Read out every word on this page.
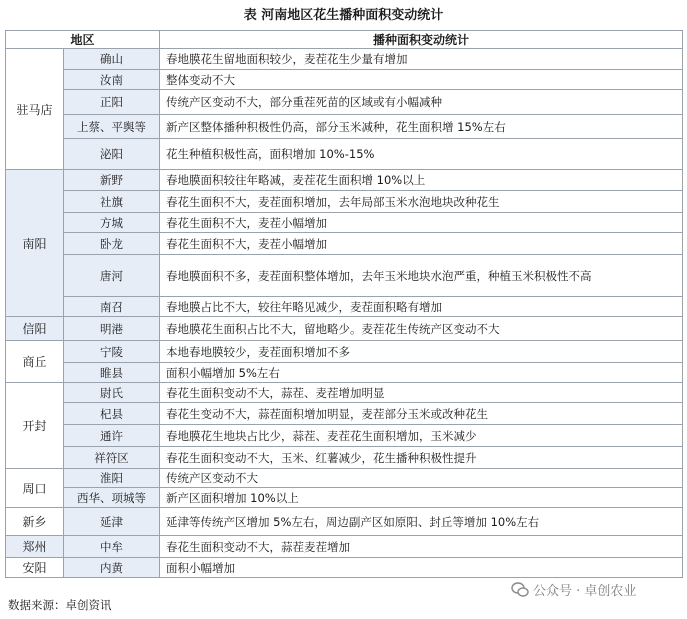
表 河南地区花生播种面积变动统计
地区		播种面积变动统计
驻马店	确山	春地膜花生留地面积较少，麦茬花生少量有增加
	汝南	整体变动不大
	正阳	传统产区变动不大，部分重茬死苗的区域或有小幅减种
	上蔡、平舆等	新产区整体播种积极性仍高，部分玉米减种，花生面积增 15%左右
	泌阳	花生种植积极性高，面积增加 10%-15%
南阳	新野	春地膜面积较往年略减，麦茬花生面积增 10%以上
	社旗	春花生面积不大，麦茬面积增加，去年局部玉米水泡地块改种花生
	方城	春花生面积不大，麦茬小幅增加
	卧龙	春花生面积不大，麦茬小幅增加
	唐河	春地膜面积不多，麦茬面积整体增加，去年玉米地块水泡严重，种植玉米积极性不高
	南召	春地膜占比不大，较往年略见减少，麦茬面积略有增加
信阳	明港	春地膜花生面积占比不大，留地略少。麦茬花生传统产区变动不大
商丘	宁陵	本地春地膜较少，麦茬面积增加不多
	睢县	面积小幅增加 5%左右
开封	尉氏	春花生面积变动不大，蒜茬、麦茬增加明显
	杞县	春花生变动不大，蒜茬面积增加明显，麦茬部分玉米或改种花生
	通许	春地膜花生地块占比少，蒜茬、麦茬花生面积增加，玉米减少
	祥符区	春花生面积变动不大，玉米、红薯减少，花生播种积极性提升
周口	淮阳	传统产区变动不大
	西华、项城等	新产区面积增加 10%以上
新乡	延津	延津等传统产区增加 5%左右，周边副产区如原阳、封丘等增加 10%左右
郑州	中牟	春花生面积变动不大，蒜茬麦茬增加
安阳	内黄	面积小幅增加
数据来源：卓创资讯
公众号 · 卓创农业
